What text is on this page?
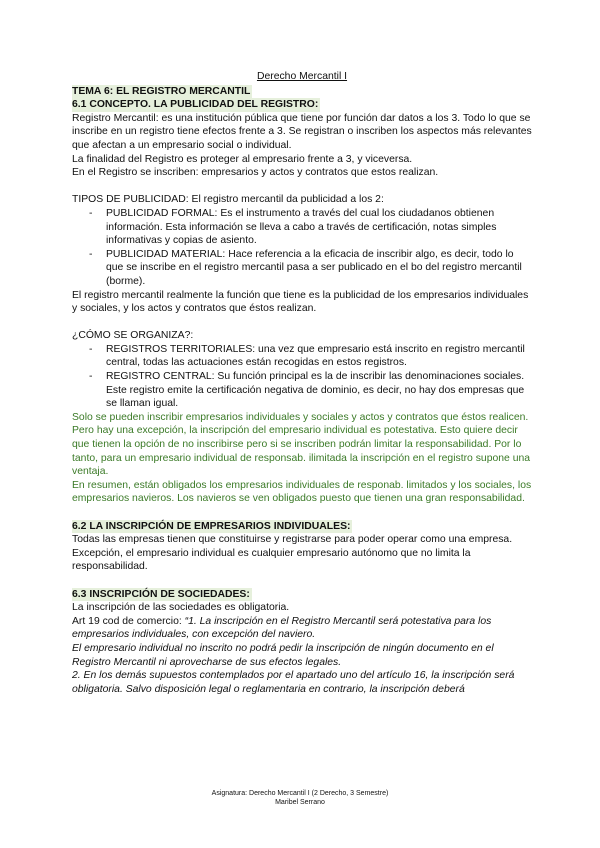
Derecho Mercantil I
TEMA 6: EL REGISTRO MERCANTIL
6.1 CONCEPTO. LA PUBLICIDAD DEL REGISTRO:

Registro Mercantil: es una institución pública que tiene por función dar datos a los 3. Todo lo que se inscribe en un registro tiene efectos frente a 3. Se registran o inscriben los aspectos más relevantes que afectan a un empresario social o individual.

La finalidad del Registro es proteger al empresario frente a 3, y viceversa.

En el Registro se inscriben: empresarios y actos y contratos que estos realizan.

TIPOS DE PUBLICIDAD: El registro mercantil da publicidad a los 2:

- PUBLICIDAD FORMAL: Es el instrumento a través del cual los ciudadanos obtienen información. Esta información se lleva a cabo a través de certificación, notas simples informativas y copias de asiento.
- PUBLICIDAD MATERIAL: Hace referencia a la eficacia de inscribir algo, es decir, todo lo que se inscribe en el registro mercantil pasa a ser publicado en el bo del registro mercantil (borme).

El registro mercantil realmente la función que tiene es la publicidad de los empresarios individuales y sociales, y los actos y contratos que éstos realizan.

¿CÓMO SE ORGANIZA?:

- REGISTROS TERRITORIALES: una vez que empresario está inscrito en registro mercantil central, todas las actuaciones están recogidas en estos registros.
- REGISTRO CENTRAL: Su función principal es la de inscribir las denominaciones sociales. Este registro emite la certificación negativa de dominio, es decir, no hay dos empresas que se llaman igual.

Solo se pueden inscribir empresarios individuales y sociales y actos y contratos que éstos realicen. Pero hay una excepción, la inscripción del empresario individual es potestativa. Esto quiere decir que tienen la opción de no inscribirse pero si se inscriben podrán limitar la responsabilidad. Por lo tanto, para un empresario individual de responsab. ilimitada la inscripción en el registro supone una ventaja.

En resumen, están obligados los empresarios individuales de responab. limitados y los sociales, los empresarios navieros. Los navieros se ven obligados puesto que tienen una gran responsabilidad.

6.2 LA INSCRIPCIÓN DE EMPRESARIOS INDIVIDUALES:

Todas las empresas tienen que constituirse y registrarse para poder operar como una empresa.

Excepción, el empresario individual es cualquier empresario autónomo que no limita la responsabilidad.

6.3 INSCRIPCIÓN DE SOCIEDADES:

La inscripción de las sociedades es obligatoria.

Art 19 cod de comercio: “1. La inscripción en el Registro Mercantil será potestativa para los empresarios individuales, con excepción del naviero.

El empresario individual no inscrito no podrá pedir la inscripción de ningún documento en el Registro Mercantil ni aprovecharse de sus efectos legales.

2. En los demás supuestos contemplados por el apartado uno del artículo 16, la inscripción será obligatoria. Salvo disposición legal o reglamentaria en contrario, la inscripción deberá

Asignatura: Derecho Mercantil I (2 Derecho, 3 Semestre)
Maribel Serrano
